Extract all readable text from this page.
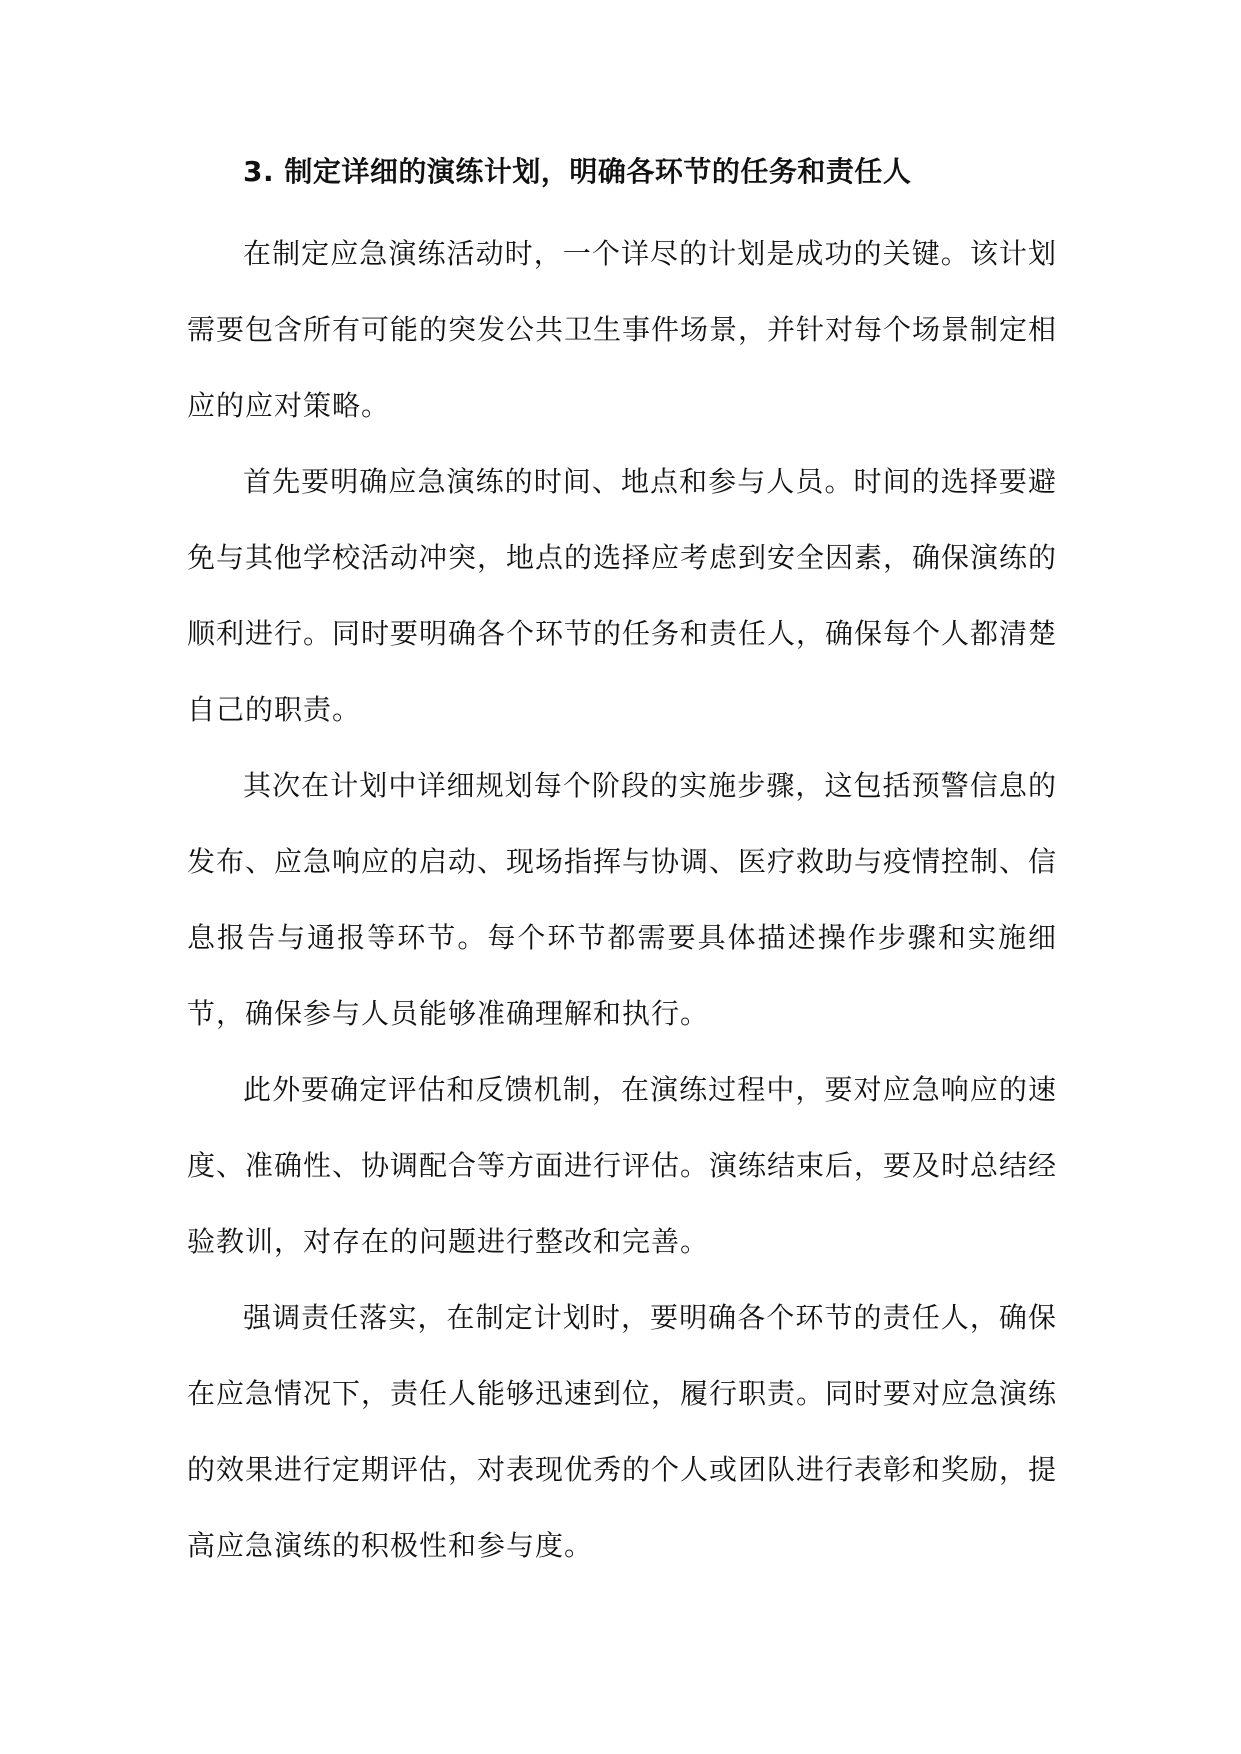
3. 制定详细的演练计划，明确各环节的任务和责任人

在制定应急演练活动时，一个详尽的计划是成功的关键。该计划需要包含所有可能的突发公共卫生事件场景，并针对每个场景制定相应的应对策略。

首先要明确应急演练的时间、地点和参与人员。时间的选择要避免与其他学校活动冲突，地点的选择应考虑到安全因素，确保演练的顺利进行。同时要明确各个环节的任务和责任人，确保每个人都清楚自己的职责。

其次在计划中详细规划每个阶段的实施步骤，这包括预警信息的发布、应急响应的启动、现场指挥与协调、医疗救助与疫情控制、信息报告与通报等环节。每个环节都需要具体描述操作步骤和实施细节，确保参与人员能够准确理解和执行。

此外要确定评估和反馈机制，在演练过程中，要对应急响应的速度、准确性、协调配合等方面进行评估。演练结束后，要及时总结经验教训，对存在的问题进行整改和完善。

强调责任落实，在制定计划时，要明确各个环节的责任人，确保在应急情况下，责任人能够迅速到位，履行职责。同时要对应急演练的效果进行定期评估，对表现优秀的个人或团队进行表彰和奖励，提高应急演练的积极性和参与度。
